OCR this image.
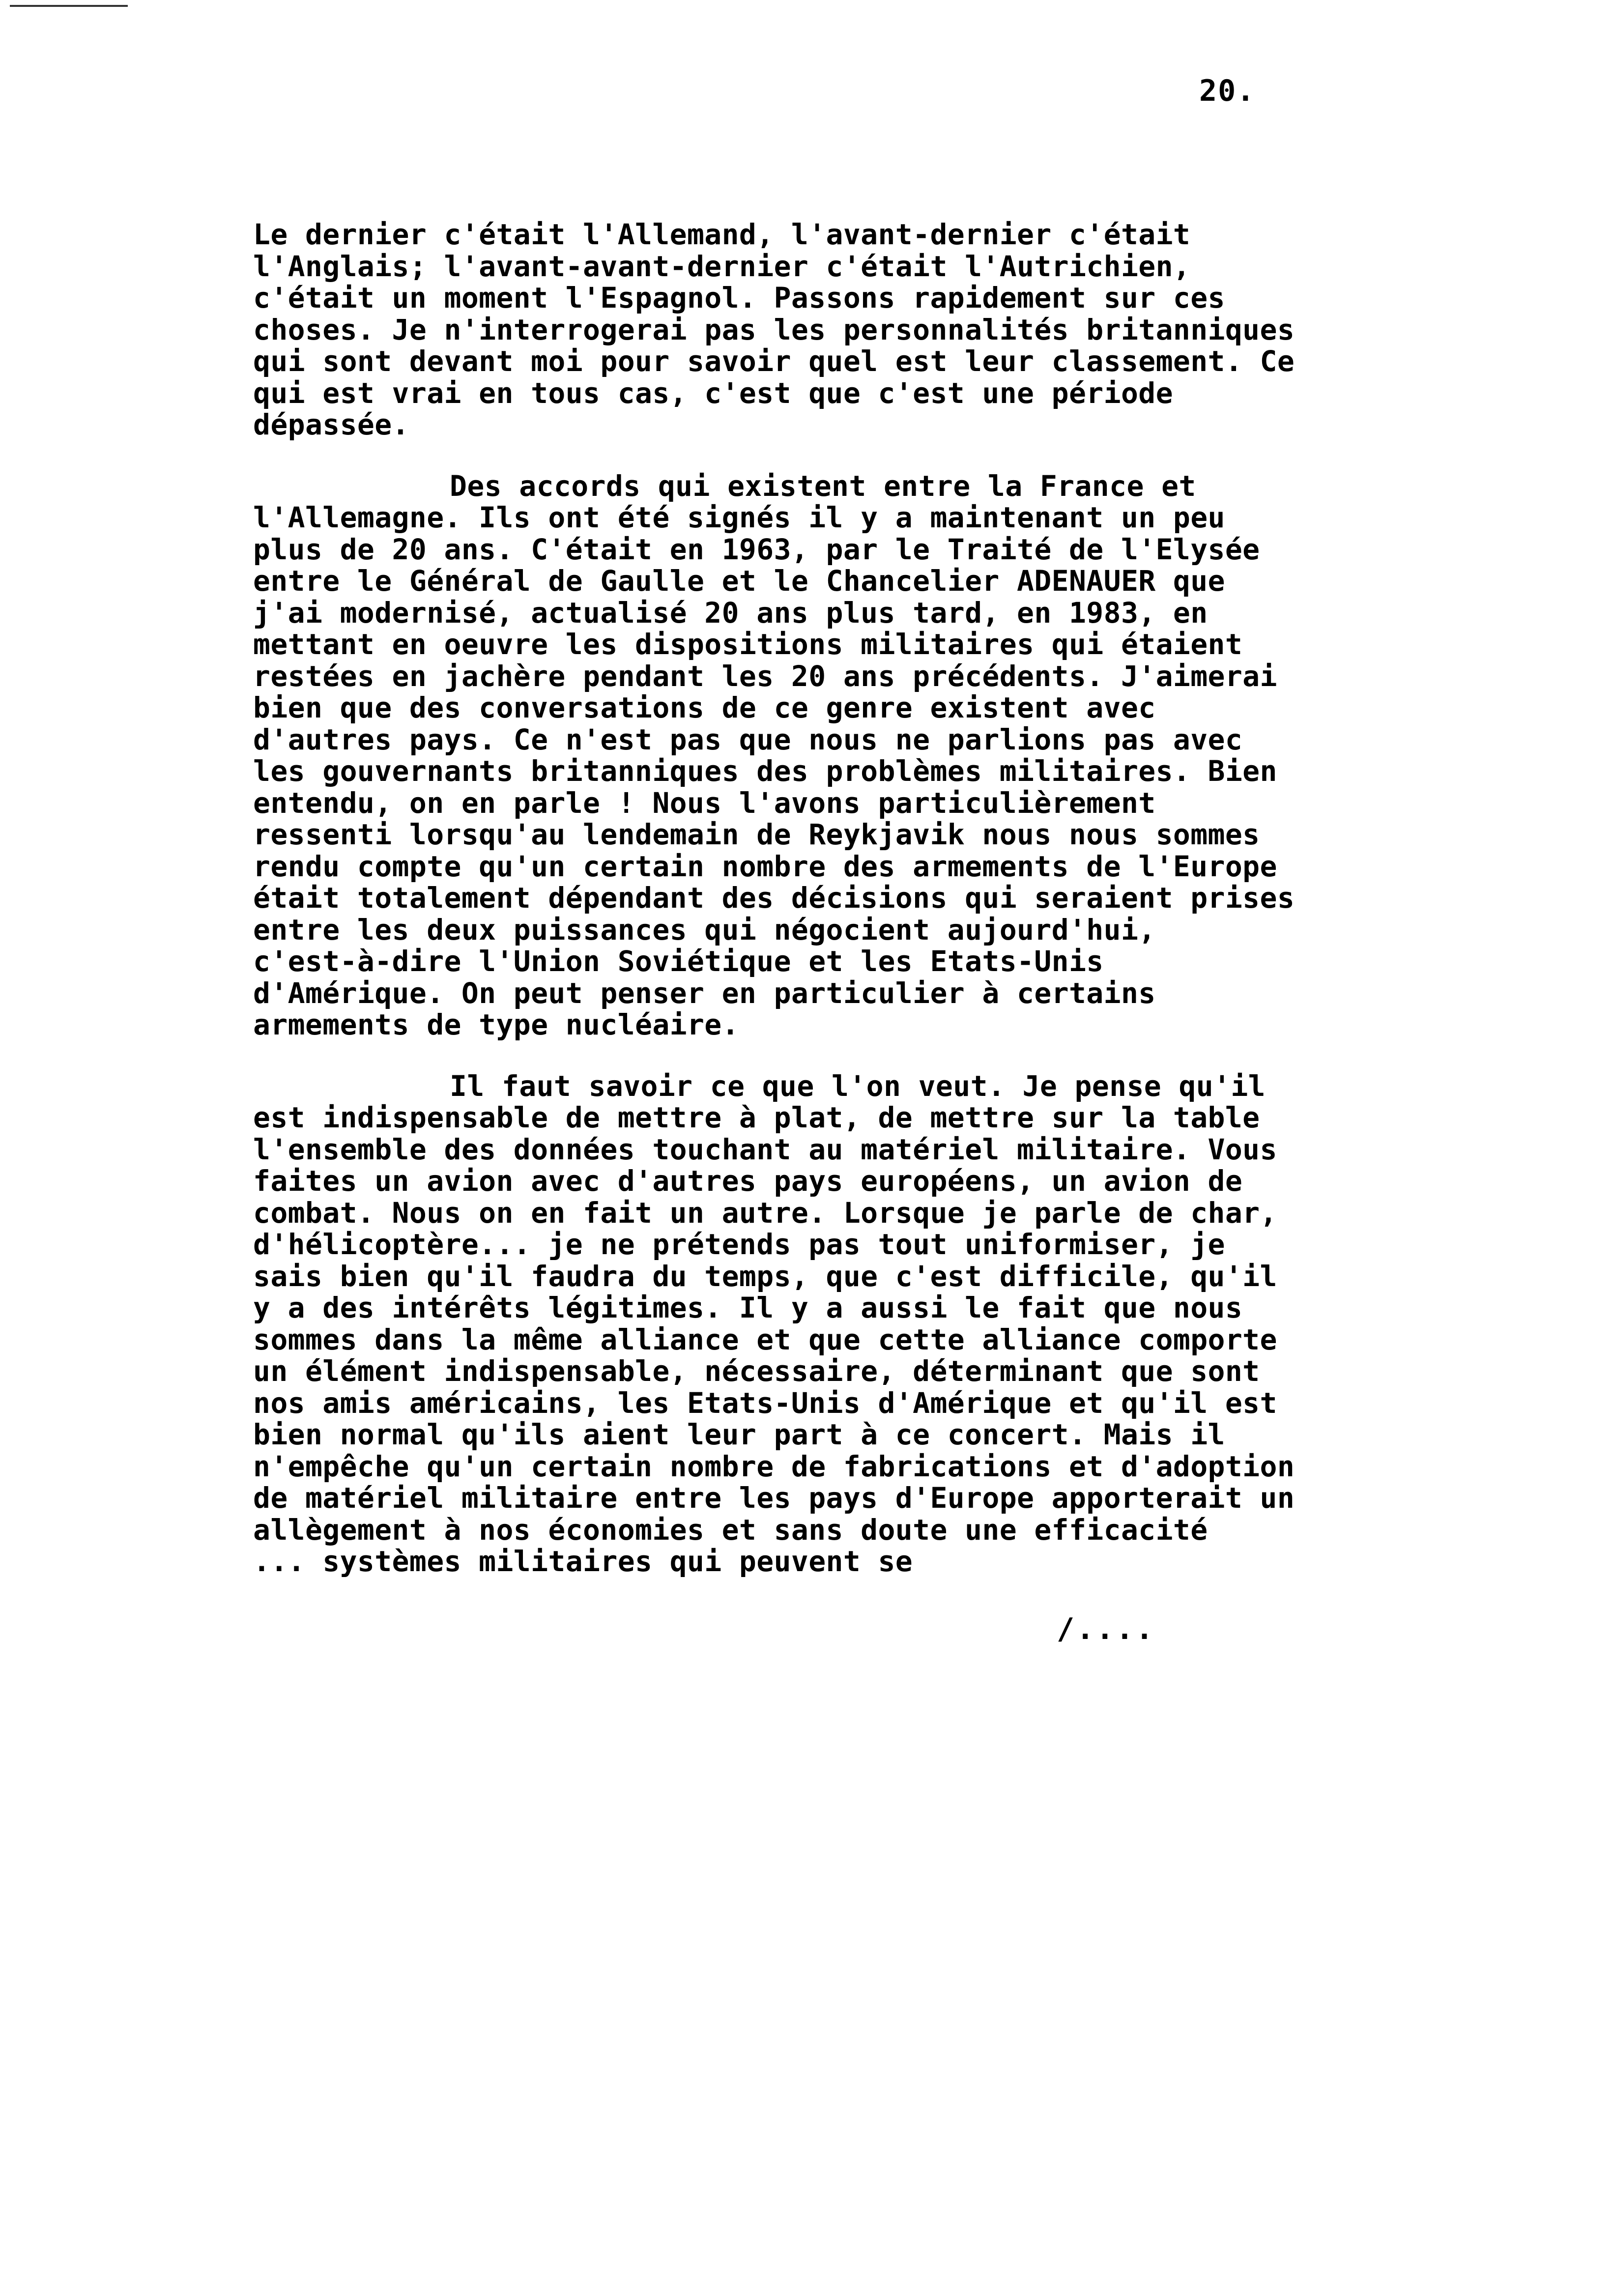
20.

Le dernier c'était l'Allemand, l'avant-dernier c'était
l'Anglais; l'avant-avant-dernier c'était l'Autrichien,
c'était un moment l'Espagnol. Passons rapidement sur ces
choses. Je n'interrogerai pas les personnalités britanniques
qui sont devant moi pour savoir quel est leur classement. Ce
qui est vrai en tous cas, c'est que c'est une période
dépassée.

Des accords qui existent entre la France et
l'Allemagne. Ils ont été signés il y a maintenant un peu
plus de 20 ans. C'était en 1963, par le Traité de l'Elysée
entre le Général de Gaulle et le Chancelier ADENAUER que
j'ai modernisé, actualisé 20 ans plus tard, en 1983, en
mettant en oeuvre les dispositions militaires qui étaient
restées en jachère pendant les 20 ans précédents. J'aimerai
bien que des conversations de ce genre existent avec
d'autres pays. Ce n'est pas que nous ne parlions pas avec
les gouvernants britanniques des problèmes militaires. Bien
entendu, on en parle ! Nous l'avons particulièrement
ressenti lorsqu'au lendemain de Reykjavik nous nous sommes
rendu compte qu'un certain nombre des armements de l'Europe
était totalement dépendant des décisions qui seraient prises
entre les deux puissances qui négocient aujourd'hui,
c'est-à-dire l'Union Soviétique et les Etats-Unis
d'Amérique. On peut penser en particulier à certains
armements de type nucléaire.

Il faut savoir ce que l'on veut. Je pense qu'il
est indispensable de mettre à plat, de mettre sur la table
l'ensemble des données touchant au matériel militaire. Vous
faites un avion avec d'autres pays européens, un avion de
combat. Nous on en fait un autre. Lorsque je parle de char,
d'hélicoptère... je ne prétends pas tout uniformiser, je
sais bien qu'il faudra du temps, que c'est difficile, qu'il
y a des intérêts légitimes. Il y a aussi le fait que nous
sommes dans la même alliance et que cette alliance comporte
un élément indispensable, nécessaire, déterminant que sont
nos amis américains, les Etats-Unis d'Amérique et qu'il est
bien normal qu'ils aient leur part à ce concert. Mais il
n'empêche qu'un certain nombre de fabrications et d'adoption
de matériel militaire entre les pays d'Europe apporterait un
allègement à nos économies et sans doute une efficacité
... systèmes militaires qui peuvent se

/....
